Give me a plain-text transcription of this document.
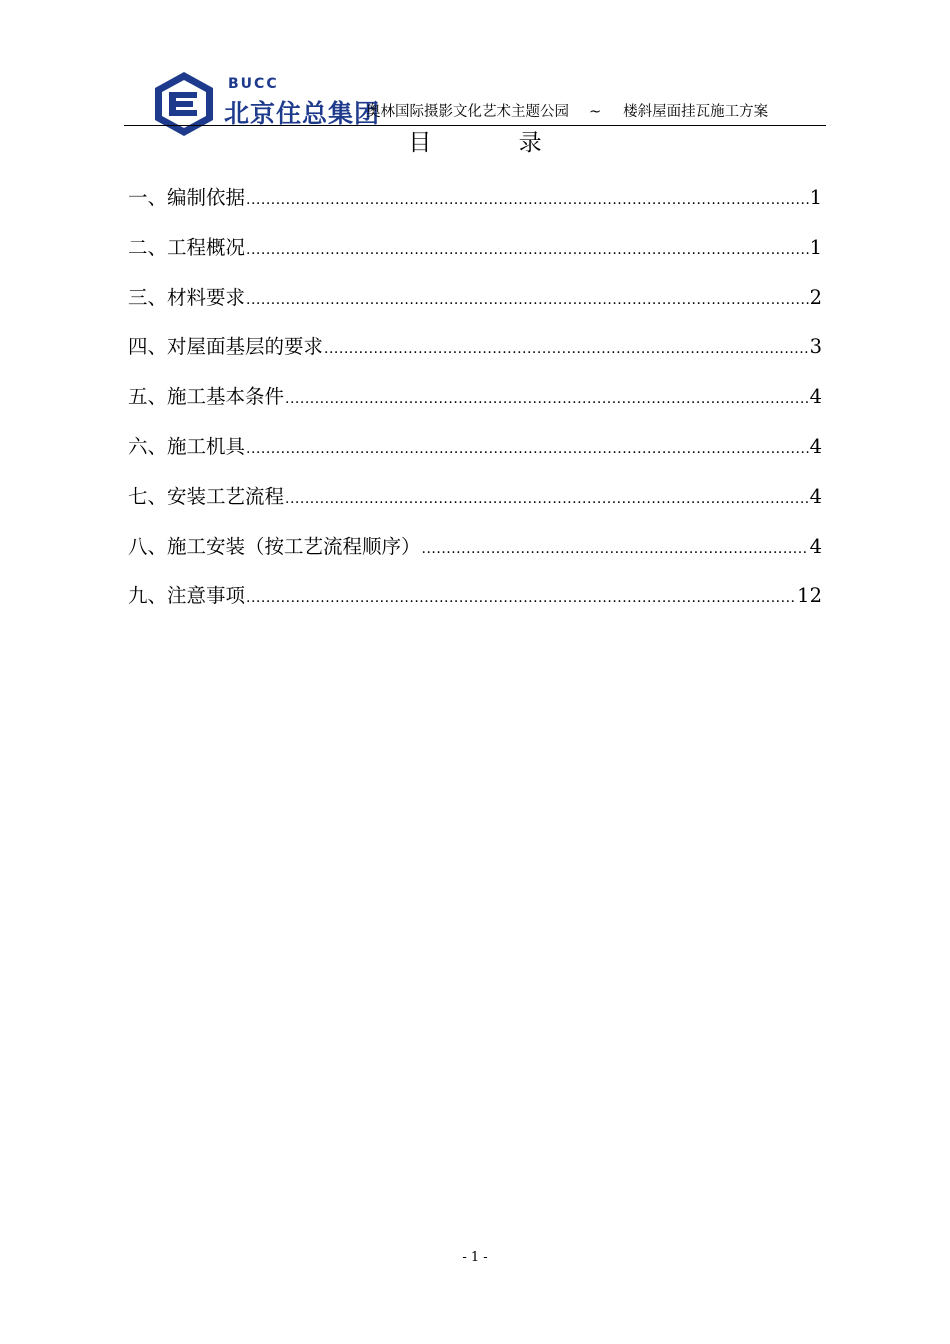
BUCC
北京住总集团
奥林国际摄影文化艺术主题公园 ~ 楼斜屋面挂瓦施工方案
目 录
一、编制依据 .....	1
二、工程概况 .....	1
三、材料要求 .....	2
四、对屋面基层的要求 .....	3
五、施工基本条件 .....	4
六、施工机具 .....	4
七、安装工艺流程 .....	4
八、施工安装（按工艺流程顺序） .....	4
九、注意事项 .....	12
- 1 -
